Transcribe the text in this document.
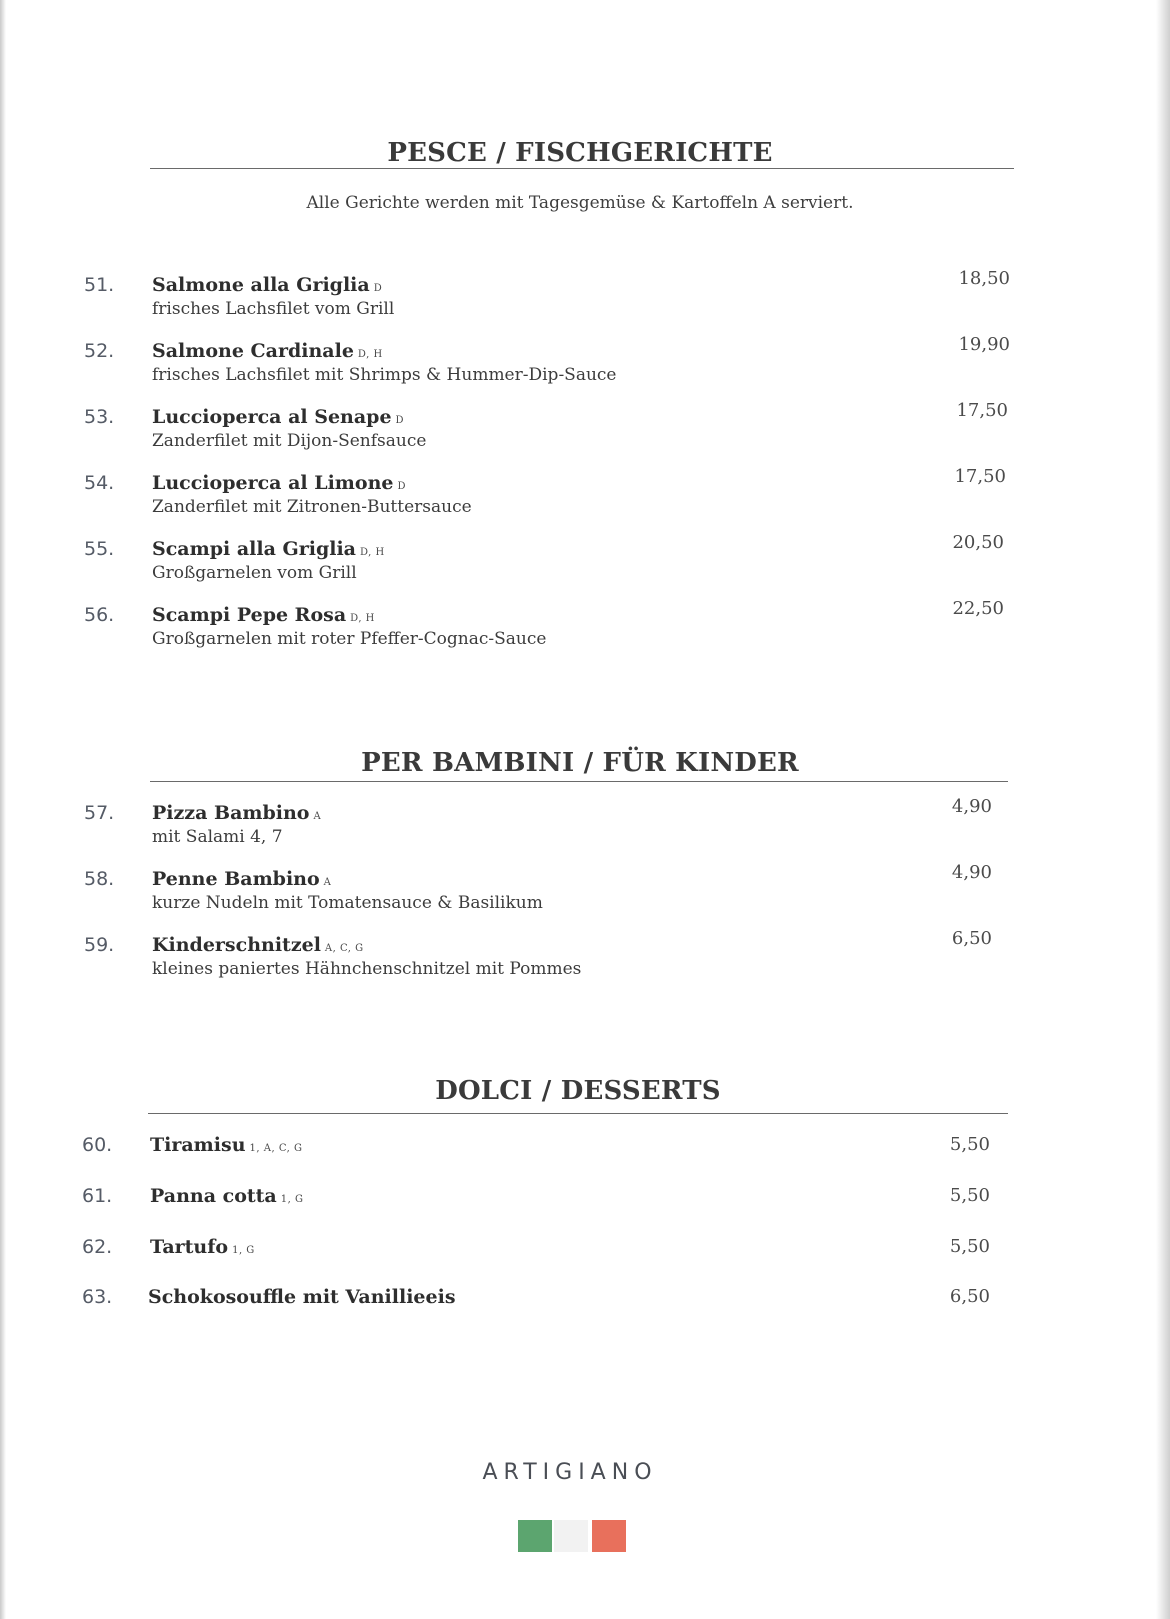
PESCE / FISCHGERICHTE
Alle Gerichte werden mit Tagesgemüse & Kartoffeln A serviert.
51. Salmone alla Griglia D
frisches Lachsfilet vom Grill
18,50
52. Salmone Cardinale D, H
frisches Lachsfilet mit Shrimps & Hummer-Dip-Sauce
19,90
53. Luccioperca al Senape D
Zanderfilet mit Dijon-Senfsauce
17,50
54. Luccioperca al Limone D
Zanderfilet mit Zitronen-Buttersauce
17,50
55. Scampi alla Griglia D, H
Großgarnelen vom Grill
20,50
56. Scampi Pepe Rosa D, H
Großgarnelen mit roter Pfeffer-Cognac-Sauce
22,50
PER BAMBINI / FÜR KINDER
57. Pizza Bambino A
mit Salami 4, 7
4,90
58. Penne Bambino A
kurze Nudeln mit Tomatensauce & Basilikum
4,90
59. Kinderschnitzel A, C, G
kleines paniertes Hähnchenschnitzel mit Pommes
6,50
DOLCI / DESSERTS
60. Tiramisu 1, A, C, G	5,50
61. Panna cotta 1, G	5,50
62. Tartufo 1, G	5,50
63. Schokosouffle mit Vanillieeis	6,50
ARTIGIANO
